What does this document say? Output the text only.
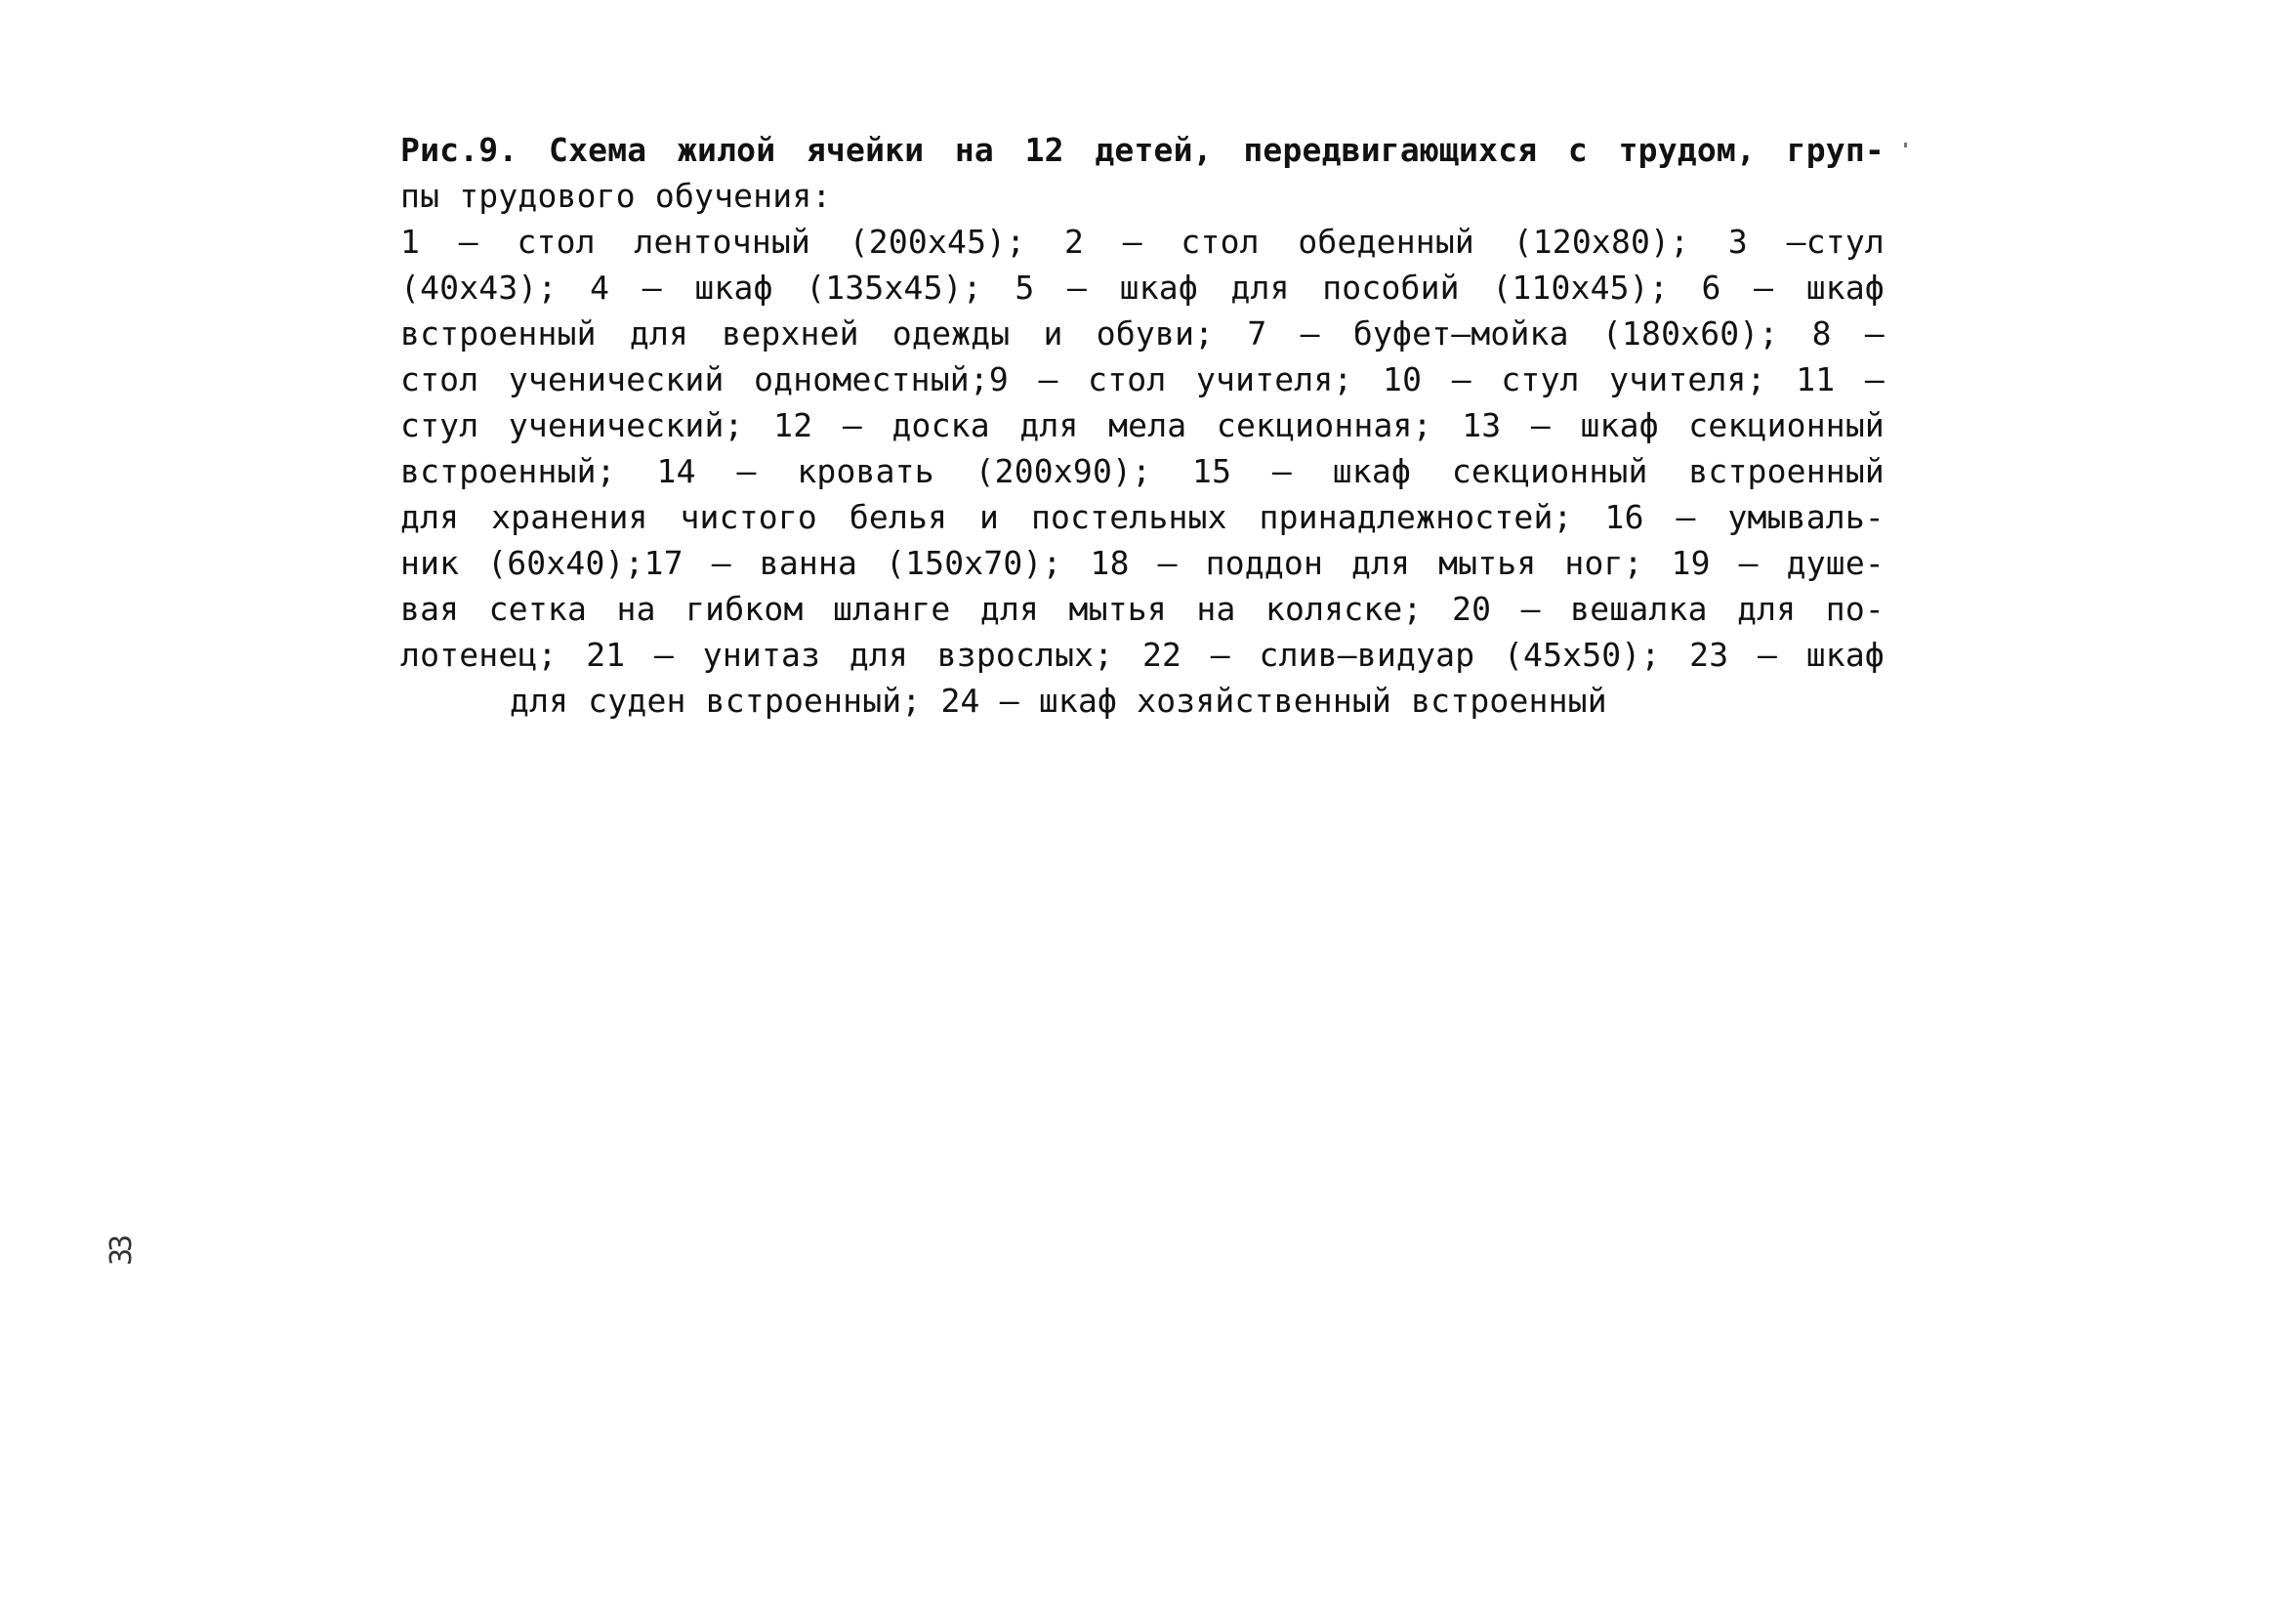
Рис.9. Схема жилой ячейки на 12 детей, передвигающихся с трудом, груп-
пы трудового обучения:
1 – стол ленточный (200х45); 2 – стол обеденный (120х80); 3 –стул
(40х43); 4 – шкаф (135х45); 5 – шкаф для пособий (110х45); 6 – шкаф
встроенный для верхней одежды и обуви; 7 – буфет–мойка (180х60); 8 –
стол ученический одноместный;9 – стол учителя; 10 – стул учителя; 11 –
стул ученический; 12 – доска для мела секционная; 13 – шкаф секционный
встроенный; 14 – кровать (200х90); 15 – шкаф секционный встроенный
для хранения чистого белья и постельных принадлежностей; 16 – умываль-
ник (60х40);17 – ванна (150х70); 18 – поддон для мытья ног; 19 – душе-
вая сетка на гибком шланге для мытья на коляске; 20 – вешалка для по-
лотенец; 21 – унитаз для взрослых; 22 – слив–видуар (45х50); 23 – шкаф
для суден встроенный; 24 – шкаф хозяйственный встроенный
33
